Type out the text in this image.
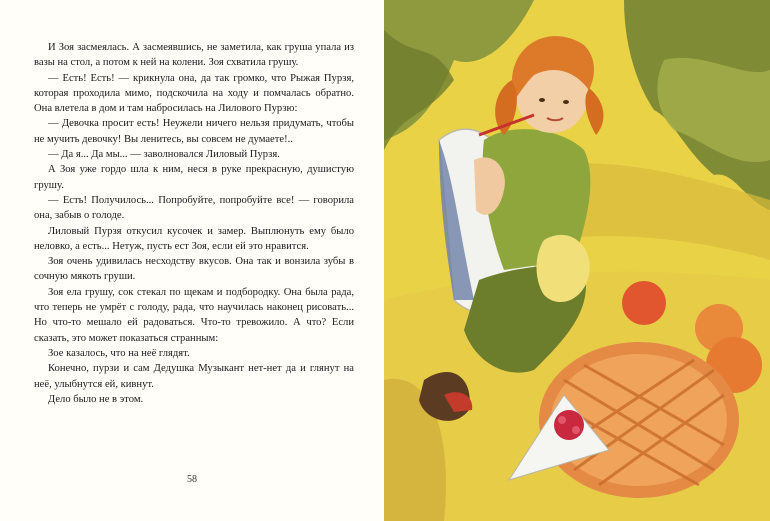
И Зоя засмеялась. А засмеявшись, не заметила, как груша упала из вазы на стол, а потом к ней на колени. Зоя схватила грушу.

— Есть! Есть! — крикнула она, да так громко, что Рыжая Пурзя, которая проходила мимо, подскочила на ходу и помчалась обратно. Она влетела в дом и там набросилась на Лилового Пурзю:

— Девочка просит есть! Неужели ничего нельзя придумать, чтобы не мучить девочку! Вы ленитесь, вы совсем не думаете!..

— Да я... Да мы... — заволновался Лиловый Пурзя.

А Зоя уже гордо шла к ним, неся в руке прекрасную, душистую грушу.

— Есть! Получилось... Попробуйте, попробуйте все! — говорила она, забыв о голоде.

Лиловый Пурзя откусил кусочек и замер. Выплюнуть ему было неловко, а есть... Нетуж, пусть ест Зоя, если ей это нравится.

Зоя очень удивилась несходству вкусов. Она так и вонзила зубы в сочную мякоть груши.

Зоя ела грушу, сок стекал по щекам и подбородку. Она была рада, что теперь не умрёт с голоду, рада, что научилась наконец рисовать... Но что-то мешало ей радоваться. Что-то тревожило. А что? Если сказать, это может показаться странным:

Зое казалось, что на неё глядят.

Конечно, пурзи и сам Дедушка Музыкант нет-нет да и глянут на неё, улыбнутся ей, кивнут.

Дело было не в этом.

58
